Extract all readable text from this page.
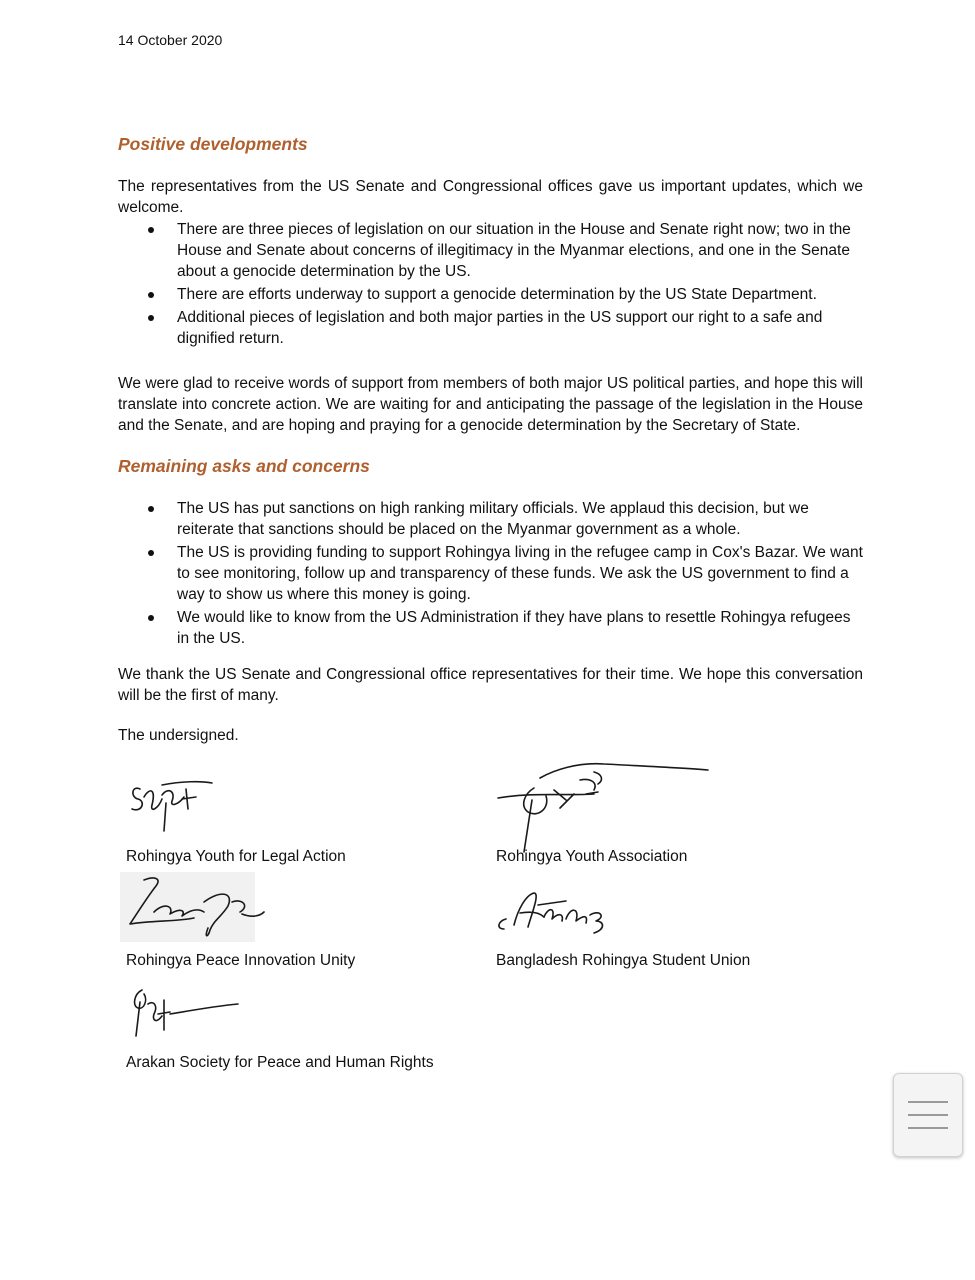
14 October 2020
Positive developments
The representatives from the US Senate and Congressional offices gave us important updates, which we welcome.
There are three pieces of legislation on our situation in the House and Senate right now; two in the House and Senate about concerns of illegitimacy in the Myanmar elections, and one in the Senate about a genocide determination by the US.
There are efforts underway to support a genocide determination by the US State Department.
Additional pieces of legislation and both major parties in the US support our right to a safe and dignified return.
We were glad to receive words of support from members of both major US political parties, and hope this will translate into concrete action. We are waiting for and anticipating the passage of the legislation in the House and the Senate, and are hoping and praying for a genocide determination by the Secretary of State.
Remaining asks and concerns
The US has put sanctions on high ranking military officials. We applaud this decision, but we reiterate that sanctions should be placed on the Myanmar government as a whole.
The US is providing funding to support Rohingya living in the refugee camp in Cox's Bazar. We want to see monitoring, follow up and transparency of these funds. We ask the US government to find a way to show us where this money is going.
We would like to know from the US Administration if they have plans to resettle Rohingya refugees in the US.
We thank the US Senate and Congressional office representatives for their time. We hope this conversation will be the first of many.
The undersigned.
Rohingya Youth for Legal Action	Rohingya Youth Association
Rohingya Peace Innovation Unity	Bangladesh Rohingya Student Union
Arakan Society for Peace and Human Rights
